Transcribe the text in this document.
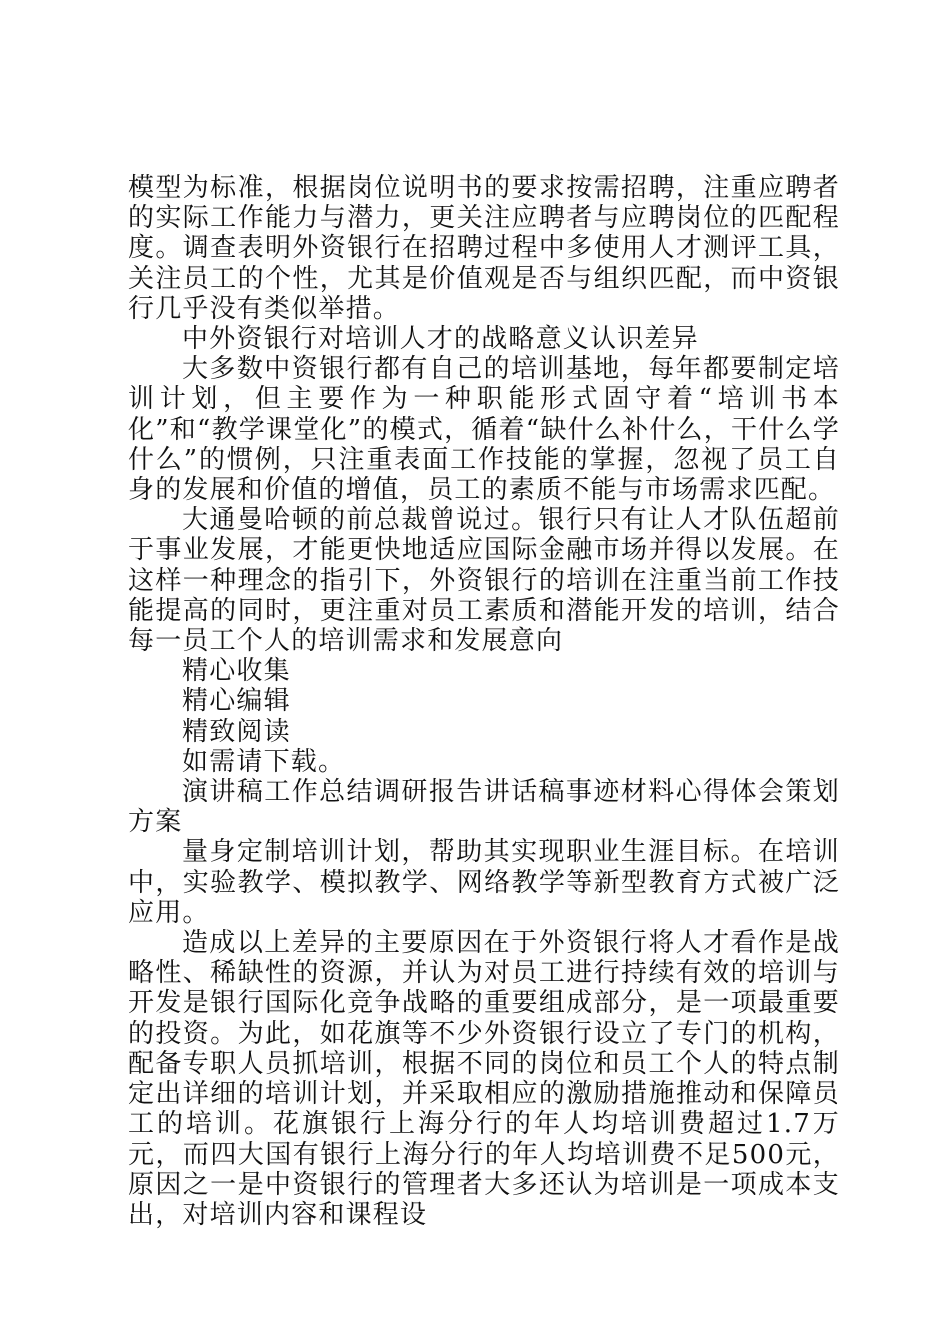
模型为标准，根据岗位说明书的要求按需招聘，注重应聘者的实际工作能力与潜力，更关注应聘者与应聘岗位的匹配程度。调查表明外资银行在招聘过程中多使用人才测评工具，关注员工的个性，尤其是价值观是否与组织匹配，而中资银行几乎没有类似举措。

中外资银行对培训人才的战略意义认识差异

大多数中资银行都有自己的培训基地，每年都要制定培训计划，但主要作为一种职能形式固守着“培训书本化”和“教学课堂化”的模式，循着“缺什么补什么，干什么学什么”的惯例，只注重表面工作技能的掌握，忽视了员工自身的发展和价值的增值，员工的素质不能与市场需求匹配。

大通曼哈顿的前总裁曾说过。银行只有让人才队伍超前于事业发展，才能更快地适应国际金融市场并得以发展。在这样一种理念的指引下，外资银行的培训在注重当前工作技能提高的同时，更注重对员工素质和潜能开发的培训，结合每一员工个人的培训需求和发展意向

精心收集

精心编辑

精致阅读

如需请下载。

演讲稿工作总结调研报告讲话稿事迹材料心得体会策划方案

量身定制培训计划，帮助其实现职业生涯目标。在培训中，实验教学、模拟教学、网络教学等新型教育方式被广泛应用。

造成以上差异的主要原因在于外资银行将人才看作是战略性、稀缺性的资源，并认为对员工进行持续有效的培训与开发是银行国际化竞争战略的重要组成部分，是一项最重要的投资。为此，如花旗等不少外资银行设立了专门的机构，配备专职人员抓培训，根据不同的岗位和员工个人的特点制定出详细的培训计划，并采取相应的激励措施推动和保障员工的培训。花旗银行上海分行的年人均培训费超过1.7万元，而四大国有银行上海分行的年人均培训费不足500元，原因之一是中资银行的管理者大多还认为培训是一项成本支出，对培训内容和课程设
